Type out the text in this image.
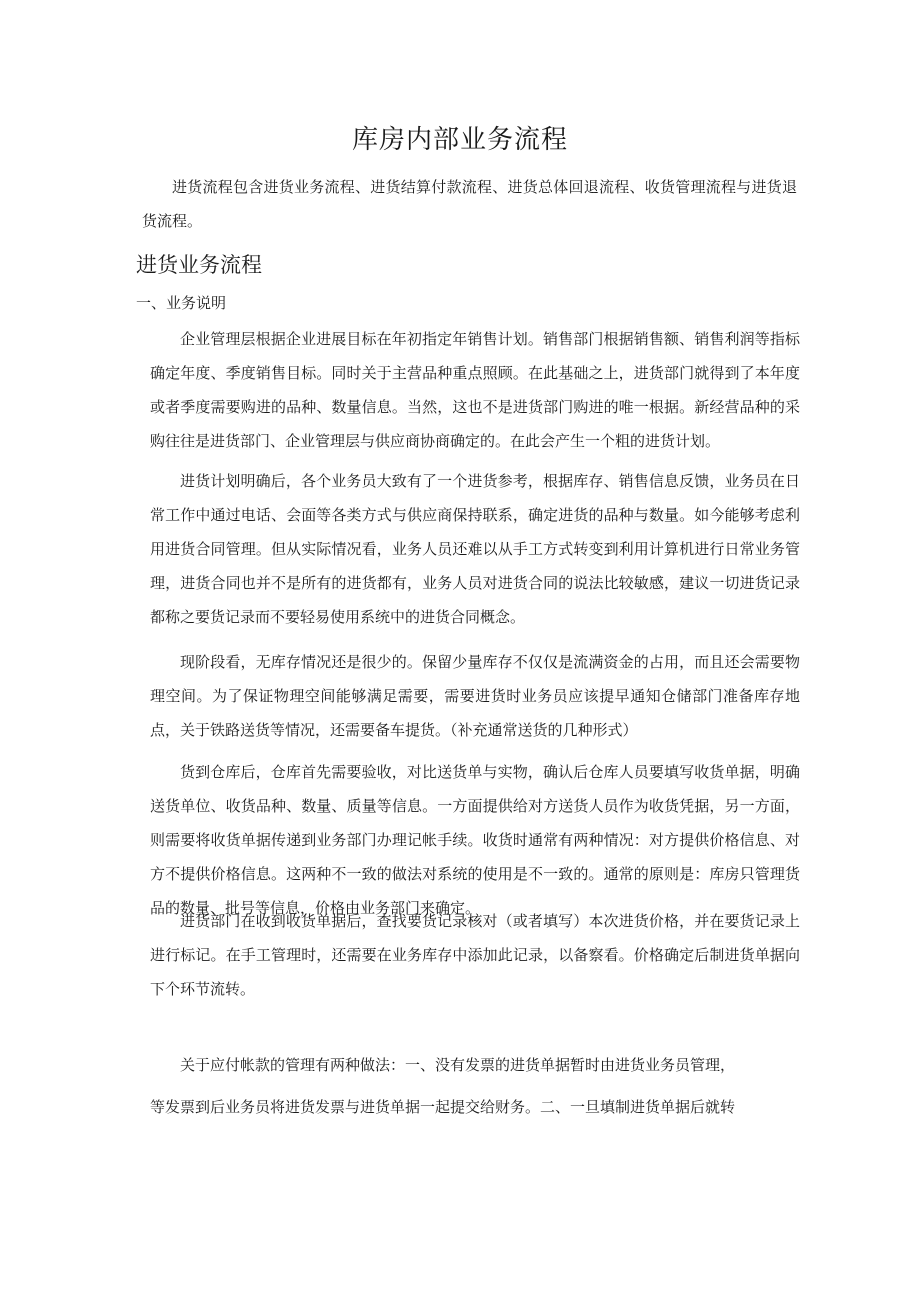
库房内部业务流程

进货流程包含进货业务流程、进货结算付款流程、进货总体回退流程、收货管理流程与进货退货流程。

进货业务流程
一、业务说明

企业管理层根据企业进展目标在年初指定年销售计划。销售部门根据销售额、销售利润等指标确定年度、季度销售目标。同时关于主营品种重点照顾。在此基础之上，进货部门就得到了本年度或者季度需要购进的品种、数量信息。当然，这也不是进货部门购进的唯一根据。新经营品种的采购往往是进货部门、企业管理层与供应商协商确定的。在此会产生一个粗的进货计划。

进货计划明确后，各个业务员大致有了一个进货参考，根据库存、销售信息反馈，业务员在日常工作中通过电话、会面等各类方式与供应商保持联系，确定进货的品种与数量。如今能够考虑利用进货合同管理。但从实际情况看，业务人员还难以从手工方式转变到利用计算机进行日常业务管理，进货合同也并不是所有的进货都有，业务人员对进货合同的说法比较敏感，建议一切进货记录都称之要货记录而不要轻易使用系统中的进货合同概念。

现阶段看，无库存情况还是很少的。保留少量库存不仅仅是流满资金的占用，而且还会需要物理空间。为了保证物理空间能够满足需要，需要进货时业务员应该提早通知仓储部门准备库存地点，关于铁路送货等情况，还需要备车提货。（补充通常送货的几种形式）

货到仓库后，仓库首先需要验收，对比送货单与实物，确认后仓库人员要填写收货单据，明确送货单位、收货品种、数量、质量等信息。一方面提供给对方送货人员作为收货凭据，另一方面，则需要将收货单据传递到业务部门办理记帐手续。收货时通常有两种情况：对方提供价格信息、对方不提供价格信息。这两种不一致的做法对系统的使用是不一致的。通常的原则是：库房只管理货品的数量、批号等信息，价格由业务部门来确定。

进货部门在收到收货单据后，查找要货记录核对（或者填写）本次进货价格，并在要货记录上进行标记。在手工管理时，还需要在业务库存中添加此记录，以备察看。价格确定后制进货单据向下个环节流转。

关于应付帐款的管理有两种做法：一、没有发票的进货单据暂时由进货业务员管理，

等发票到后业务员将进货发票与进货单据一起提交给财务。二、一旦填制进货单据后就转
